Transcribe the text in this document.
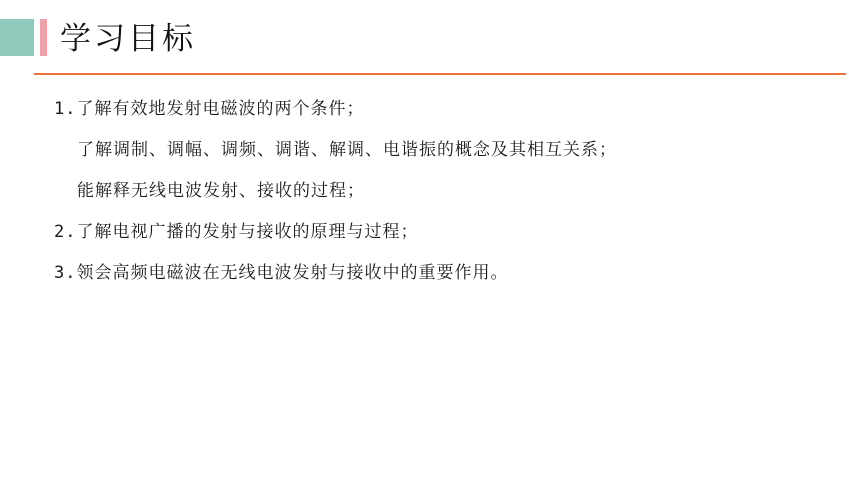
学习目标
1.了解有效地发射电磁波的两个条件；
了解调制、调幅、调频、调谐、解调、电谐振的概念及其相互关系；
能解释无线电波发射、接收的过程；
2.了解电视广播的发射与接收的原理与过程；
3.领会高频电磁波在无线电波发射与接收中的重要作用。
